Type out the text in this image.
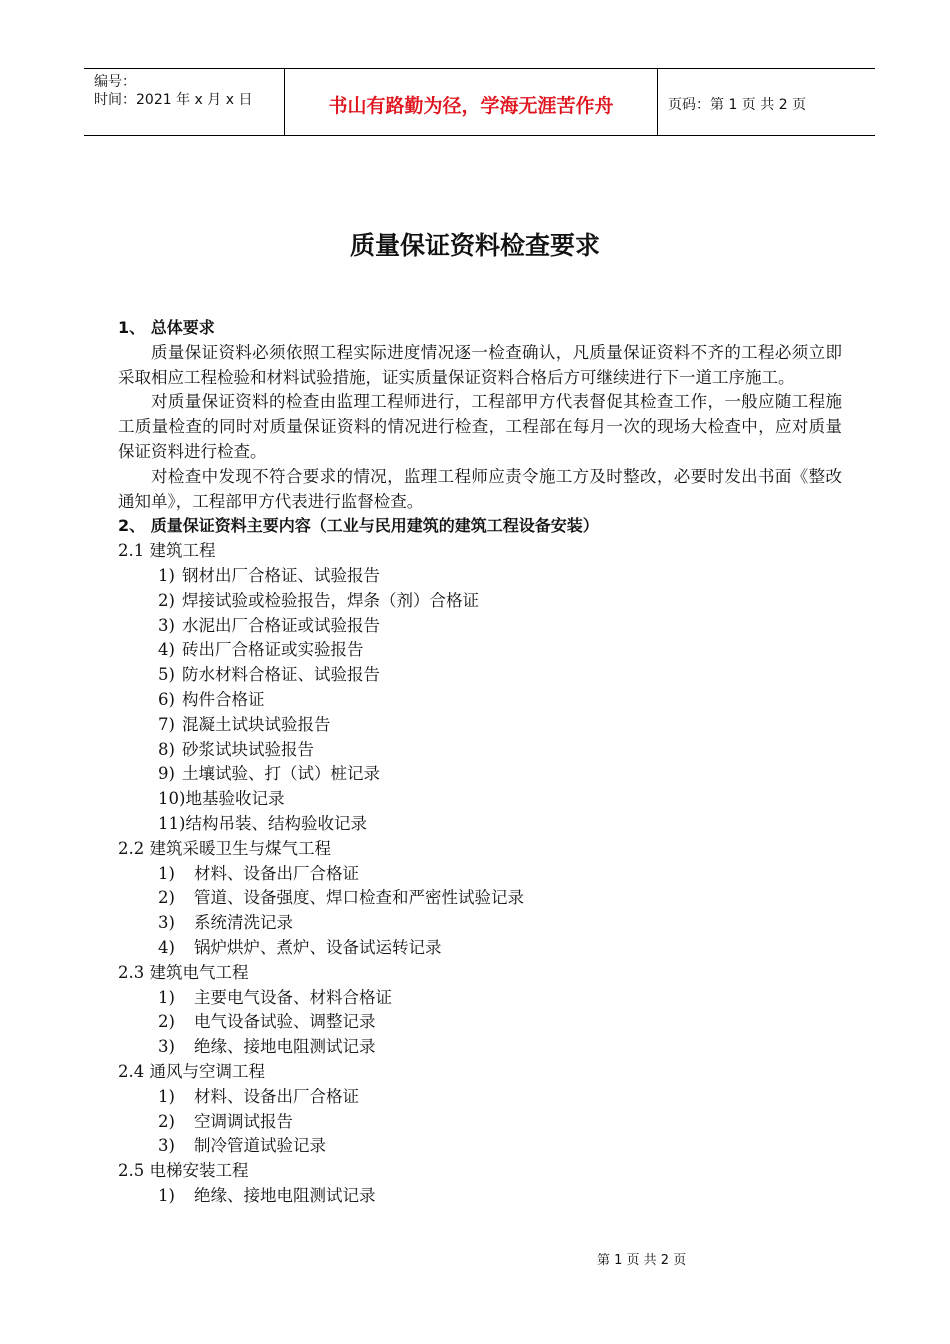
编号：
时间：2021 年 x 月 x 日	书山有路勤为径，学海无涯苦作舟	页码：第 1 页 共 2 页
质量保证资料检查要求
1、 总体要求
质量保证资料必须依照工程实际进度情况逐一检查确认，凡质量保证资料不齐的工程必须立即采取相应工程检验和材料试验措施，证实质量保证资料合格后方可继续进行下一道工序施工。
对质量保证资料的检查由监理工程师进行，工程部甲方代表督促其检查工作，一般应随工程施工质量检查的同时对质量保证资料的情况进行检查，工程部在每月一次的现场大检查中，应对质量保证资料进行检查。
对检查中发现不符合要求的情况，监理工程师应责令施工方及时整改，必要时发出书面《整改通知单》，工程部甲方代表进行监督检查。
2、 质量保证资料主要内容（工业与民用建筑的建筑工程设备安装）
2.1 建筑工程
1) 钢材出厂合格证、试验报告
2) 焊接试验或检验报告，焊条（剂）合格证
3) 水泥出厂合格证或试验报告
4) 砖出厂合格证或实验报告
5) 防水材料合格证、试验报告
6) 构件合格证
7) 混凝土试块试验报告
8) 砂浆试块试验报告
9) 土壤试验、打（试）桩记录
10)地基验收记录
11)结构吊装、结构验收记录
2.2 建筑采暖卫生与煤气工程
1) 材料、设备出厂合格证
2) 管道、设备强度、焊口检查和严密性试验记录
3) 系统清洗记录
4) 锅炉烘炉、煮炉、设备试运转记录
2.3 建筑电气工程
1) 主要电气设备、材料合格证
2) 电气设备试验、调整记录
3) 绝缘、接地电阻测试记录
2.4 通风与空调工程
1) 材料、设备出厂合格证
2) 空调调试报告
3) 制冷管道试验记录
2.5 电梯安装工程
1) 绝缘、接地电阻测试记录
第 1 页 共 2 页
